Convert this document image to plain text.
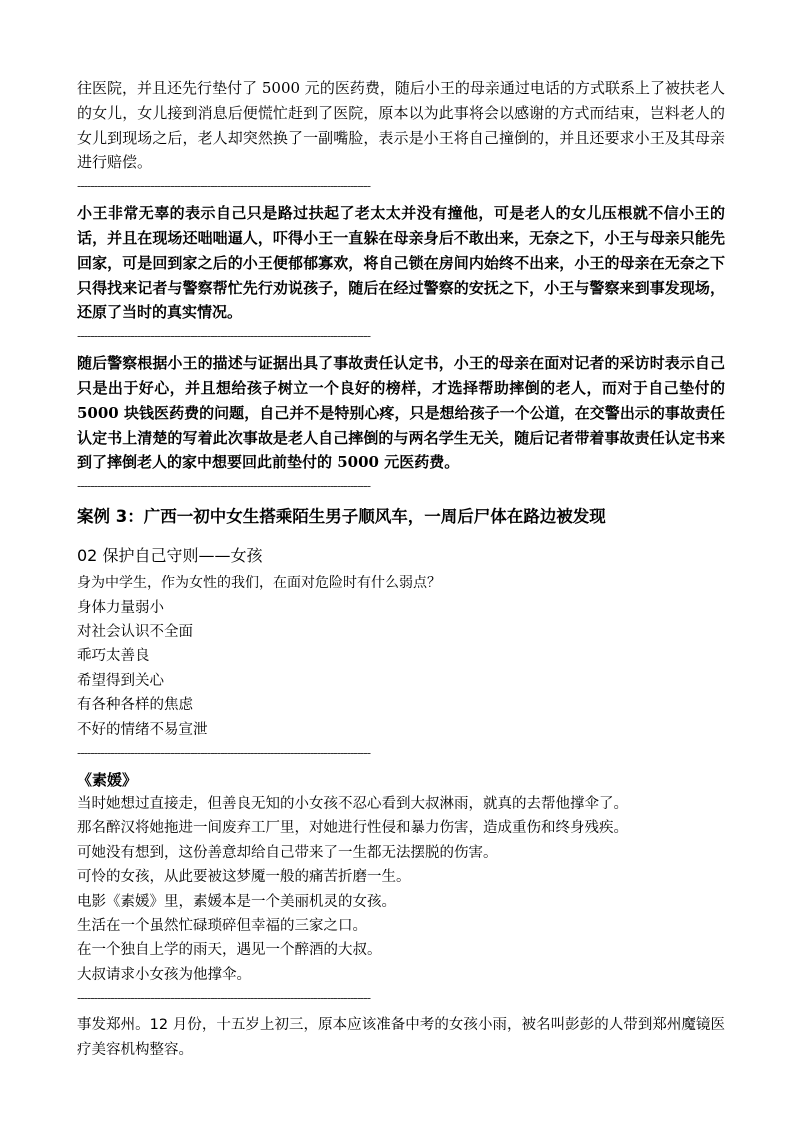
往医院，并且还先行垫付了 5000 元的医药费，随后小王的母亲通过电话的方式联系上了被扶老人的女儿，女儿接到消息后便慌忙赶到了医院，原本以为此事将会以感谢的方式而结束，岂料老人的女儿到现场之后，老人却突然换了一副嘴脸，表示是小王将自己撞倒的，并且还要求小王及其母亲进行赔偿。

----------------------------------------------------------------------------------------

小王非常无辜的表示自己只是路过扶起了老太太并没有撞他，可是老人的女儿压根就不信小王的话，并且在现场还咄咄逼人，吓得小王一直躲在母亲身后不敢出来，无奈之下，小王与母亲只能先回家，可是回到家之后的小王便郁郁寡欢，将自己锁在房间内始终不出来，小王的母亲在无奈之下只得找来记者与警察帮忙先行劝说孩子，随后在经过警察的安抚之下，小王与警察来到事发现场，还原了当时的真实情况。

----------------------------------------------------------------------------------------

随后警察根据小王的描述与证据出具了事故责任认定书，小王的母亲在面对记者的采访时表示自己只是出于好心，并且想给孩子树立一个良好的榜样，才选择帮助摔倒的老人，而对于自己垫付的 5000 块钱医药费的问题，自己并不是特别心疼，只是想给孩子一个公道，在交警出示的事故责任认定书上清楚的写着此次事故是老人自己摔倒的与两名学生无关，随后记者带着事故责任认定书来到了摔倒老人的家中想要回此前垫付的 5000 元医药费。

----------------------------------------------------------------------------------------
案例 3：广西一初中女生搭乘陌生男子顺风车，一周后尸体在路边被发现
02 保护自己守则——女孩

身为中学生，作为女性的我们，在面对危险时有什么弱点？

身体力量弱小

对社会认识不全面

乖巧太善良

希望得到关心

有各种各样的焦虑

不好的情绪不易宣泄

----------------------------------------------------------------------------------------

《素媛》

当时她想过直接走，但善良无知的小女孩不忍心看到大叔淋雨，就真的去帮他撑伞了。

那名醉汉将她拖进一间废弃工厂里，对她进行性侵和暴力伤害，造成重伤和终身残疾。

可她没有想到，这份善意却给自己带来了一生都无法摆脱的伤害。

可怜的女孩，从此要被这梦魇一般的痛苦折磨一生。

电影《素媛》里，素媛本是一个美丽机灵的女孩。

生活在一个虽然忙碌琐碎但幸福的三家之口。

在一个独自上学的雨天，遇见一个醉酒的大叔。

大叔请求小女孩为他撑伞。

----------------------------------------------------------------------------------------

事发郑州。12 月份，十五岁上初三，原本应该准备中考的女孩小雨，被名叫彭彭的人带到郑州魔镜医疗美容机构整容。
